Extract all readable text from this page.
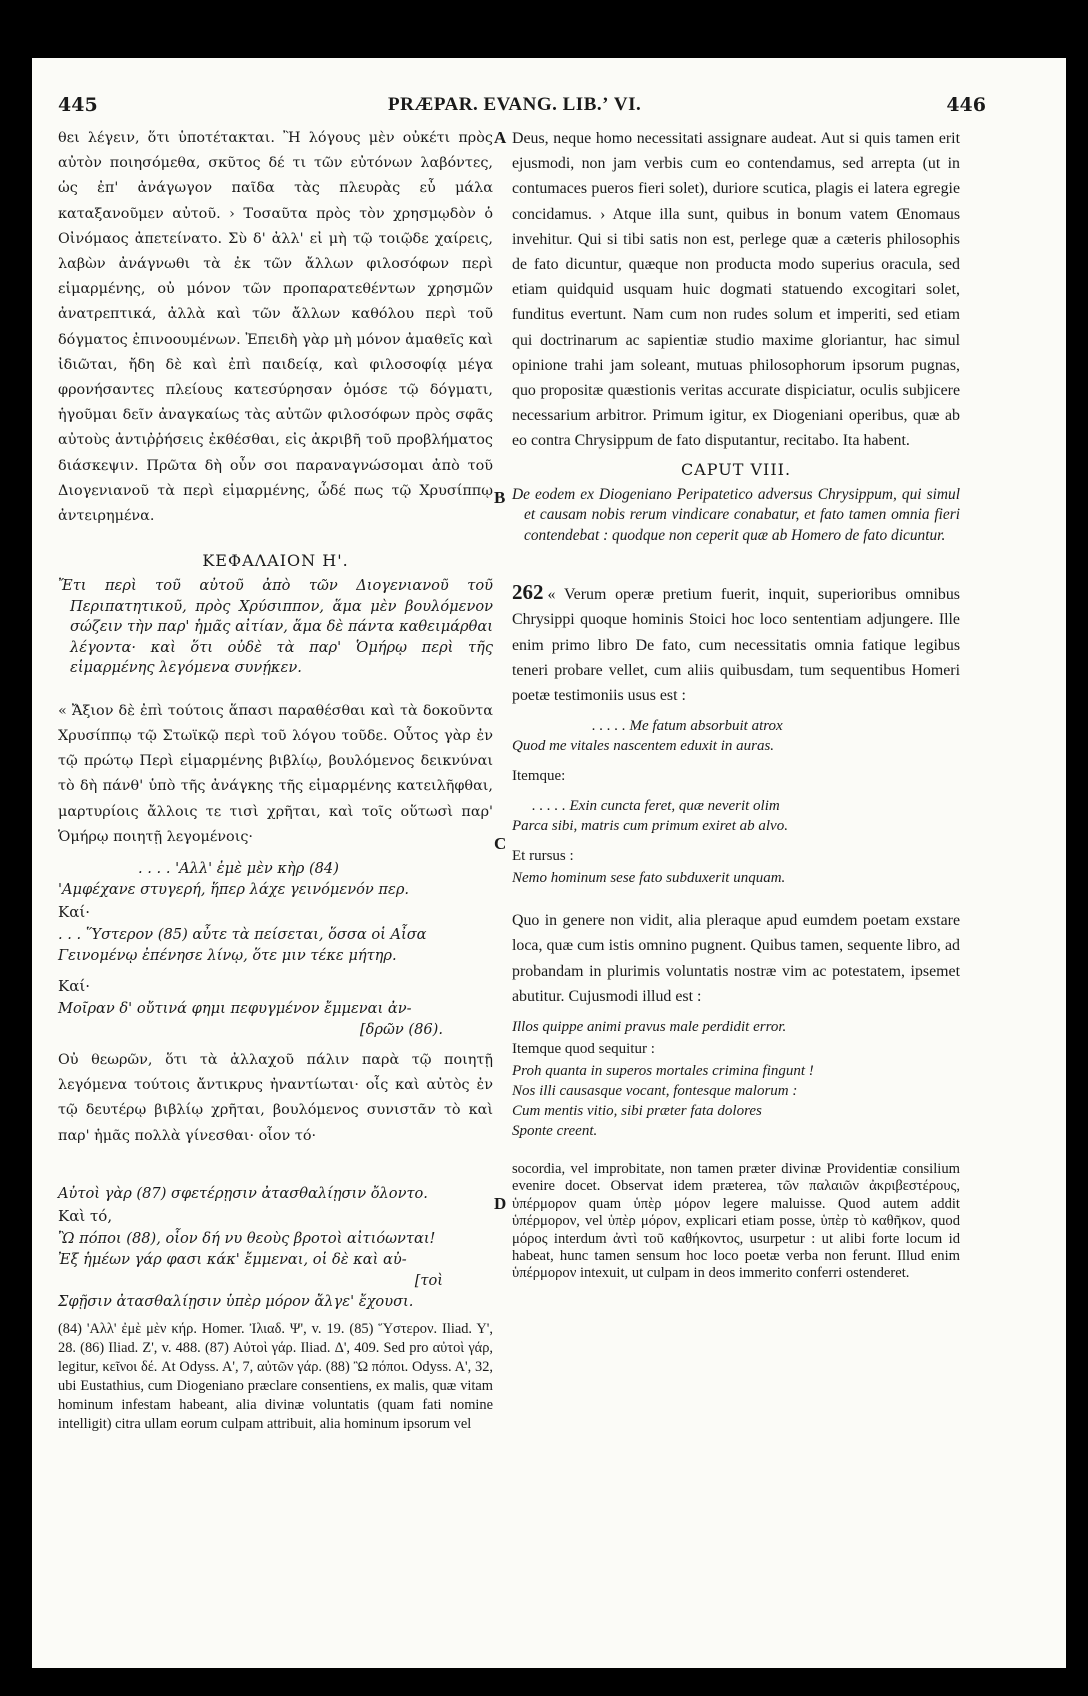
445	PRÆPAR. EVANG. LIB.ʼ VI.	446
A
B
C
D

θει λέγειν, ὅτι ὑποτέτακται. Ἢ λόγους μὲν οὐκέτι πρὸς αὐτὸν ποιησόμεθα, σκῦτος δέ τι τῶν εὐτόνων λαβόντες, ὡς ἐπ' ἀνάγωγον παῖδα τὰς πλευρὰς εὖ μάλα καταξανοῦμεν αὐτοῦ. › Τοσαῦτα πρὸς τὸν χρησμῳδὸν ὁ Οἰνόμαος ἀπετείνατο. Σὺ δ' ἀλλ' εἰ μὴ τῷ τοιῷδε χαίρεις, λαβὼν ἀνάγνωθι τὰ ἐκ τῶν ἄλλων φιλοσόφων περὶ εἱμαρμένης, οὐ μόνον τῶν προπαρατεθέντων χρησμῶν ἀνατρεπτικά, ἀλλὰ καὶ τῶν ἄλλων καθόλου περὶ τοῦ δόγματος ἐπινοουμένων. Ἐπειδὴ γὰρ μὴ μόνον ἀμαθεῖς καὶ ἰδιῶται, ἤδη δὲ καὶ ἐπὶ παιδείᾳ, καὶ φιλοσοφίᾳ μέγα φρονήσαντες πλείους κατεσύρησαν ὁμόσε τῷ δόγματι, ἡγοῦμαι δεῖν ἀναγκαίως τὰς αὐτῶν φιλοσόφων πρὸς σφᾶς αὐτοὺς ἀντιῤῥήσεις ἐκθέσθαι, εἰς ἀκριβῆ τοῦ προβλήματος διάσκεψιν. Πρῶτα δὴ οὖν σοι παραναγνώσομαι ἀπὸ τοῦ Διογενιανοῦ τὰ περὶ εἱμαρμένης, ὧδέ πως τῷ Χρυσίππῳ ἀντειρημένα.

ΚΕΦΑΛΑΙΟΝ Η'.

Ἔτι περὶ τοῦ αὐτοῦ ἀπὸ τῶν Διογενιανοῦ τοῦ Περιπατητικοῦ, πρὸς Χρύσιππον, ἅμα μὲν βουλόμενον σώζειν τὴν παρ' ἡμᾶς αἰτίαν, ἅμα δὲ πάντα καθειμάρθαι λέγοντα· καὶ ὅτι οὐδὲ τὰ παρ' Ὁμήρῳ περὶ τῆς εἱμαρμένης λεγόμενα συνῄκεν.

« Ἄξιον δὲ ἐπὶ τούτοις ἅπασι παραθέσθαι καὶ τὰ δοκοῦντα Χρυσίππῳ τῷ Στωϊκῷ περὶ τοῦ λόγου τοῦδε. Οὗτος γὰρ ἐν τῷ πρώτῳ Περὶ εἱμαρμένης βιβλίῳ, βουλόμενος δεικνύναι τὸ δὴ πάνθ' ὑπὸ τῆς ἀνάγκης τῆς εἱμαρμένης κατειλῆφθαι, μαρτυρίοις ἄλλοις τε τισὶ χρῆται, καὶ τοῖς οὕτωσὶ παρ' Ὁμήρῳ ποιητῇ λεγομένοις·

. . . . 'Αλλ' ἐμὲ μὲν κὴρ (84)
'Αμφέχανε στυγερή, ἥπερ λάχε γεινόμενόν περ.
Καί·
. . . Ὕστερον (85) αὖτε τὰ πείσεται, ὅσσα οἱ Αἶσα
Γεινομένῳ ἐπένησε λίνῳ, ὅτε μιν τέκε μήτηρ.
Καί·
Μοῖραν δ' οὔτινά φημι πεφυγμένον ἔμμεναι ἀν-
[δρῶν (86).

Οὐ θεωρῶν, ὅτι τὰ ἀλλαχοῦ πάλιν παρὰ τῷ ποιητῇ λεγόμενα τούτοις ἄντικρυς ἠναντίωται· οἷς καὶ αὐτὸς ἐν τῷ δευτέρῳ βιβλίῳ χρῆται, βουλόμενος συνιστᾶν τὸ καὶ παρ' ἡμᾶς πολλὰ γίνεσθαι· οἷον τό·

Αὐτοὶ γὰρ (87) σφετέρῃσιν ἀτασθαλίῃσιν ὄλοντο.
Καὶ τό,
Ὢ πόποι (88), οἷον δή νυ θεοὺς βροτοὶ αἰτιόωνται!
Ἐξ ἡμέων γάρ φασι κάκ' ἔμμεναι, οἱ δὲ καὶ αὐ-
[τοὶ
Σφῇσιν ἀτασθαλίῃσιν ὑπὲρ μόρον ἄλγε' ἔχουσι.

(84) 'Αλλ' ἐμὲ μὲν κήρ. Homer. Ἰλιαδ. Ψ', v. 19. (85) Ὕστερον. Iliad. Y', 28. (86) Iliad. Z', v. 488. (87) Αὐτοὶ γάρ. Iliad. Δ', 409. Sed pro αὐτοὶ γάρ, legitur, κεῖνοι δέ. At Odyss. A', 7, αὐτῶν γάρ. (88) Ὢ πόποι. Odyss. A', 32, ubi Eustathius, cum Diogeniano præclare consentiens, ex malis, quæ vitam hominum infestam habeant, alia divinæ voluntatis (quam fati nomine intelligit) citra ullam eorum culpam attribuit, alia hominum ipsorum vel

Deus, neque homo necessitati assignare audeat. Aut si quis tamen erit ejusmodi, non jam verbis cum eo contendamus, sed arrepta (ut in contumaces pueros fieri solet), duriore scutica, plagis ei latera egregie concidamus. › Atque illa sunt, quibus in bonum vatem Œnomaus invehitur. Qui si tibi satis non est, perlege quæ a cæteris philosophis de fato dicuntur, quæque non producta modo superius oracula, sed etiam quidquid usquam huic dogmati statuendo excogitari solet, funditus evertunt. Nam cum non rudes solum et imperiti, sed etiam qui doctrinarum ac sapientiæ studio maxime gloriantur, hac simul opinione trahi jam soleant, mutuas philosophorum ipsorum pugnas, quo propositæ quæstionis veritas accurate dispiciatur, oculis subjicere necessarium arbitror. Primum igitur, ex Diogeniani operibus, quæ ab eo contra Chrysippum de fato disputantur, recitabo. Ita habent.

CAPUT VIII.

De eodem ex Diogeniano Peripatetico adversus Chrysippum, qui simul et causam nobis rerum vindicare conabatur, et fato tamen omnia fieri contendebat : quodque non ceperit quæ ab Homero de fato dicuntur.

262 « Verum operæ pretium fuerit, inquit, superioribus omnibus Chrysippi quoque hominis Stoici hoc loco sententiam adjungere. Ille enim primo libro De fato, cum necessitatis omnia fatique legibus teneri probare vellet, cum aliis quibusdam, tum sequentibus Homeri poetæ testimoniis usus est :

. . . . . Me fatum absorbuit atrox
Quod me vitales nascentem eduxit in auras.
Itemque:
. . . . . Exin cuncta feret, quæ neverit olim
Parca sibi, matris cum primum exiret ab alvo.
Et rursus :
Nemo hominum sese fato subduxerit unquam.

Quo in genere non vidit, alia pleraque apud eumdem poetam exstare loca, quæ cum istis omnino pugnent. Quibus tamen, sequente libro, ad probandam in plurimis voluntatis nostræ vim ac potestatem, ipsemet abutitur. Cujusmodi illud est :

Illos quippe animi pravus male perdidit error.
Itemque quod sequitur :
Proh quanta in superos mortales crimina fingunt !
Nos illi causasque vocant, fontesque malorum :
Cum mentis vitio, sibi præter fata dolores
Sponte creent.

socordia, vel improbitate, non tamen præter divinæ Providentiæ consilium evenire docet. Observat idem præterea, τῶν παλαιῶν ἀκριβεστέρους, ὑπέρμορον quam ὑπὲρ μόρον legere maluisse. Quod autem addit ὑπέρμορον, vel ὑπὲρ μόρον, explicari etiam posse, ὑπὲρ τὸ καθῆκον, quod μόρος interdum ἀντὶ τοῦ καθήκοντος, usurpetur : ut alibi forte locum id habeat, hunc tamen sensum hoc loco poetæ verba non ferunt. Illud enim ὑπέρμορον intexuit, ut culpam in deos immerito conferri ostenderet.
